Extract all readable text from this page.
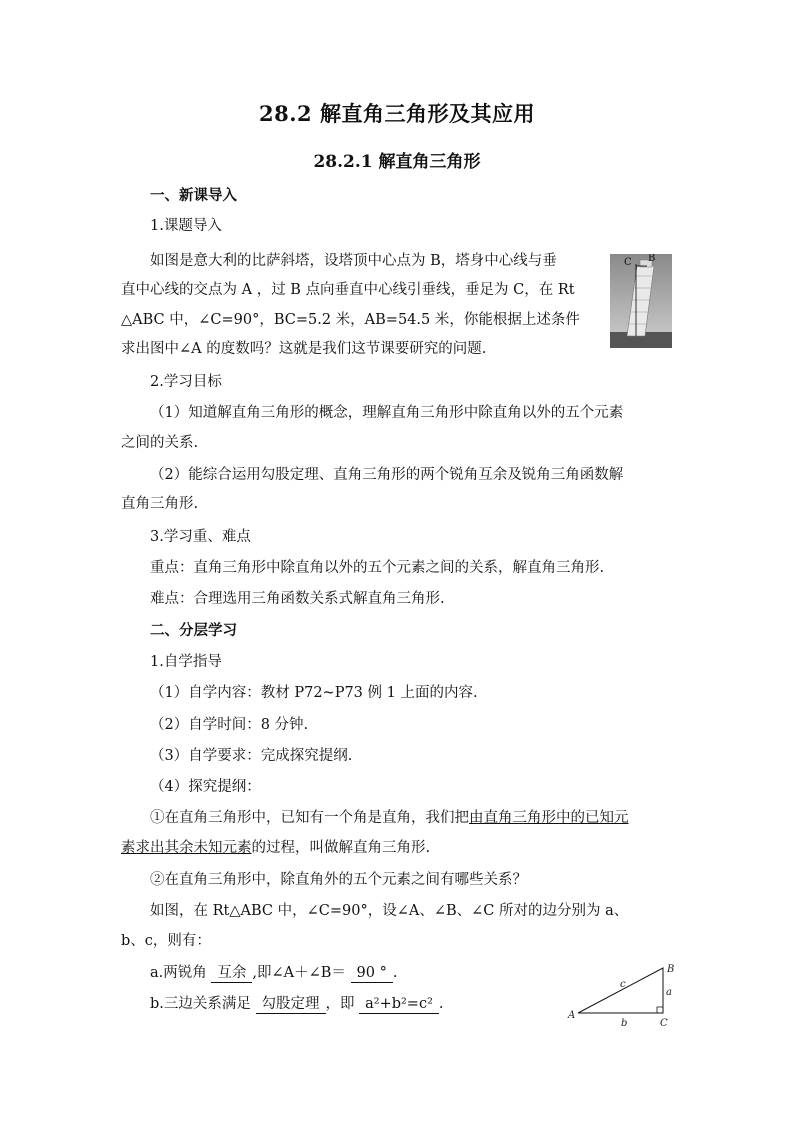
28.2 解直角三角形及其应用
28.2.1 解直角三角形
一、新课导入
1.课题导入
如图是意大利的比萨斜塔，设塔顶中心点为 B，塔身中心线与垂
直中心线的交点为 A ，过 B 点向垂直中心线引垂线，垂足为 C，在 Rt
△ABC 中，∠C=90°，BC=5.2 米，AB=54.5 米，你能根据上述条件
求出图中∠A 的度数吗？这就是我们这节课要研究的问题.
C B
2.学习目标
（1）知道解直角三角形的概念，理解直角三角形中除直角以外的五个元素
之间的关系.
（2）能综合运用勾股定理、直角三角形的两个锐角互余及锐角三角函数解
直角三角形.
3.学习重、难点
重点：直角三角形中除直角以外的五个元素之间的关系，解直角三角形.
难点：合理选用三角函数关系式解直角三角形.
二、分层学习
1.自学指导
（1）自学内容：教材 P72~P73 例 1 上面的内容.
（2）自学时间：8 分钟.
（3）自学要求：完成探究提纲.
（4）探究提纲：
①在直角三角形中，已知有一个角是直角，我们把由直角三角形中的已知元
素求出其余未知元素的过程，叫做解直角三角形.
②在直角三角形中，除直角外的五个元素之间有哪些关系？
如图，在 Rt△ABC 中，∠C=90°，设∠A、∠B、∠C 所对的边分别为 a、
b、c，则有：
a.两锐角 互余 ,即∠A＋∠B＝ 90 ° .
b.三边关系满足 勾股定理 ，即 a²+b²=c² .
A
B
C
a
b
c
